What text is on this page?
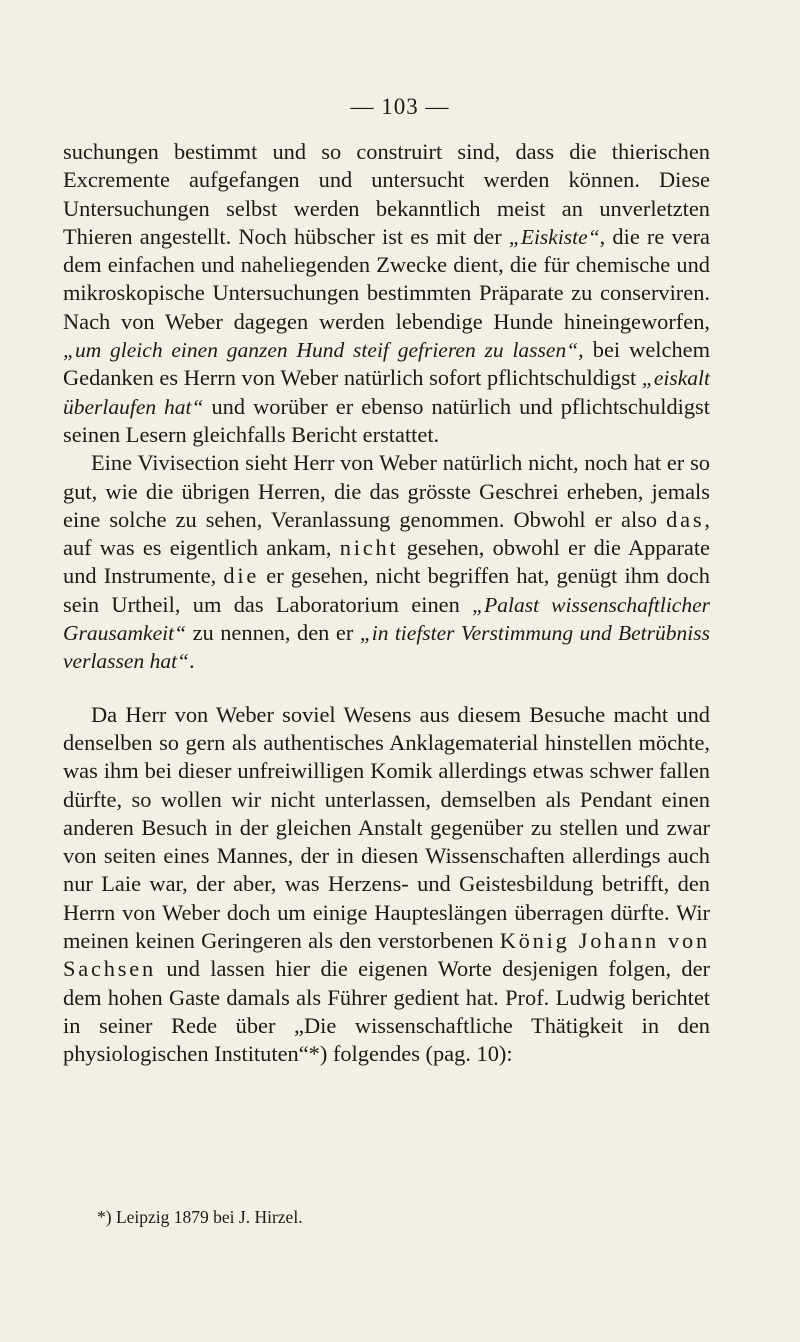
— 103 —

suchungen bestimmt und so construirt sind, dass die thierischen Excremente aufgefangen und untersucht werden können. Diese Untersuchungen selbst werden bekanntlich meist an unverletzten Thieren angestellt. Noch hübscher ist es mit der „Eiskiste“, die re vera dem einfachen und naheliegenden Zwecke dient, die für chemische und mikroskopische Untersuchungen bestimmten Präparate zu conserviren. Nach von Weber dagegen werden lebendige Hunde hineingeworfen, „um gleich einen ganzen Hund steif gefrieren zu lassen“, bei welchem Gedanken es Herrn von Weber natürlich sofort pflichtschuldigst „eiskalt überlaufen hat“ und worüber er ebenso natürlich und pflichtschuldigst seinen Lesern gleichfalls Bericht erstattet.

Eine Vivisection sieht Herr von Weber natürlich nicht, noch hat er so gut, wie die übrigen Herren, die das grösste Geschrei erheben, jemals eine solche zu sehen, Veranlassung genommen. Obwohl er also das, auf was es eigentlich ankam, nicht gesehen, obwohl er die Apparate und Instrumente, die er gesehen, nicht begriffen hat, genügt ihm doch sein Urtheil, um das Laboratorium einen „Palast wissenschaftlicher Grausamkeit“ zu nennen, den er „in tiefster Verstimmung und Betrübniss verlassen hat“.

Da Herr von Weber soviel Wesens aus diesem Besuche macht und denselben so gern als authentisches Anklagematerial hinstellen möchte, was ihm bei dieser unfreiwilligen Komik allerdings etwas schwer fallen dürfte, so wollen wir nicht unterlassen, demselben als Pendant einen anderen Besuch in der gleichen Anstalt gegenüber zu stellen und zwar von seiten eines Mannes, der in diesen Wissenschaften allerdings auch nur Laie war, der aber, was Herzens- und Geistesbildung betrifft, den Herrn von Weber doch um einige Haupteslängen überragen dürfte. Wir meinen keinen Geringeren als den verstorbenen König Johann von Sachsen und lassen hier die eigenen Worte desjenigen folgen, der dem hohen Gaste damals als Führer gedient hat. Prof. Ludwig berichtet in seiner Rede über „Die wissenschaftliche Thätigkeit in den physiologischen Instituten“*) folgendes (pag. 10):

*) Leipzig 1879 bei J. Hirzel.
